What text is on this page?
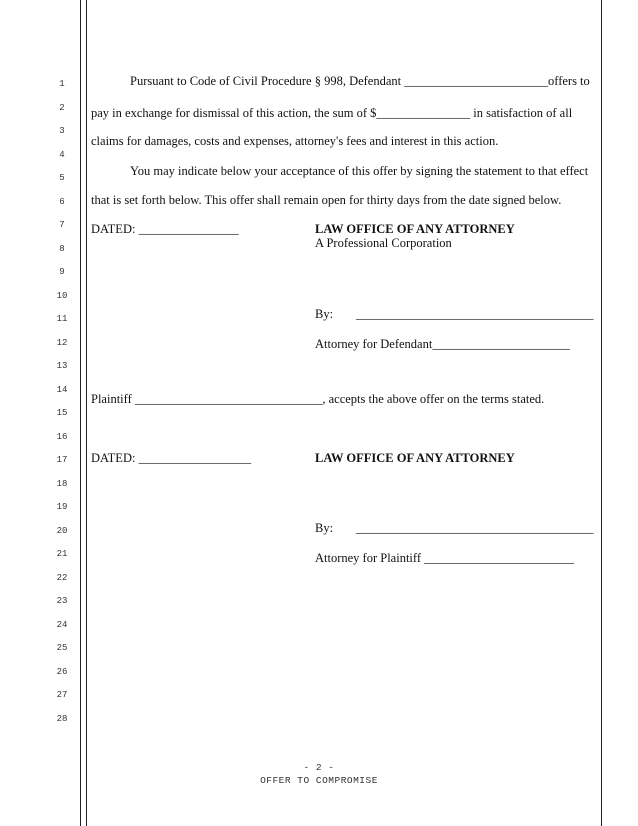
1
2
3
4
5
6
7
8
9
10
11
12
13
14
15
16
17
18
19
20
21
22
23
24
25
26
27
28
Pursuant to Code of Civil Procedure § 998, Defendant _______________________offers to
pay in exchange for dismissal of this action, the sum of $_______________ in satisfaction of all
claims for damages, costs and expenses, attorney's fees and interest in this action.
You may indicate below your acceptance of this offer by signing the statement to that effect
that is set forth below. This offer shall remain open for thirty days from the date signed below.
DATED: ________________	LAW OFFICE OF ANY ATTORNEY
A Professional Corporation
By: ______________________________________
Attorney for Defendant______________________
Plaintiff ______________________________, accepts the above offer on the terms stated.
DATED: __________________	LAW OFFICE OF ANY ATTORNEY
By: ______________________________________
Attorney for Plaintiff ________________________
- 2 -
OFFER TO COMPROMISE
